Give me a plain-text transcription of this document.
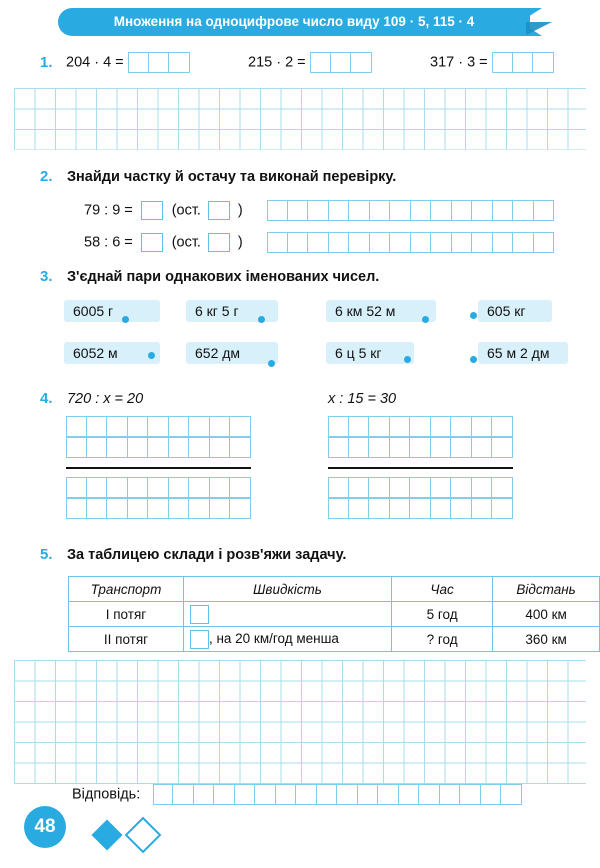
Множення на одноцифрове число виду 109 · 5, 115 · 4
1. 204 · 4 =	215 · 2 =	317 · 3 =
2. Знайди частку й остачу та виконай перевірку.
79 : 9 =	(ост.	)
58 : 6 =	(ост.	)
3. З'єднай пари однакових іменованих чисел.
6005 г	6 кг 5 г	6 км 52 м	605 кг
6052 м	652 дм	6 ц 5 кг	65 м 2 дм
4. 720 : x = 20	x : 15 = 30
5. За таблицею склади і розв'яжи задачу.
Транспорт	Швидкість	Час	Відстань
I потяг		5 год	400 км
II потяг	, на 20 км/год менша	? год	360 км
Відповідь:
48
